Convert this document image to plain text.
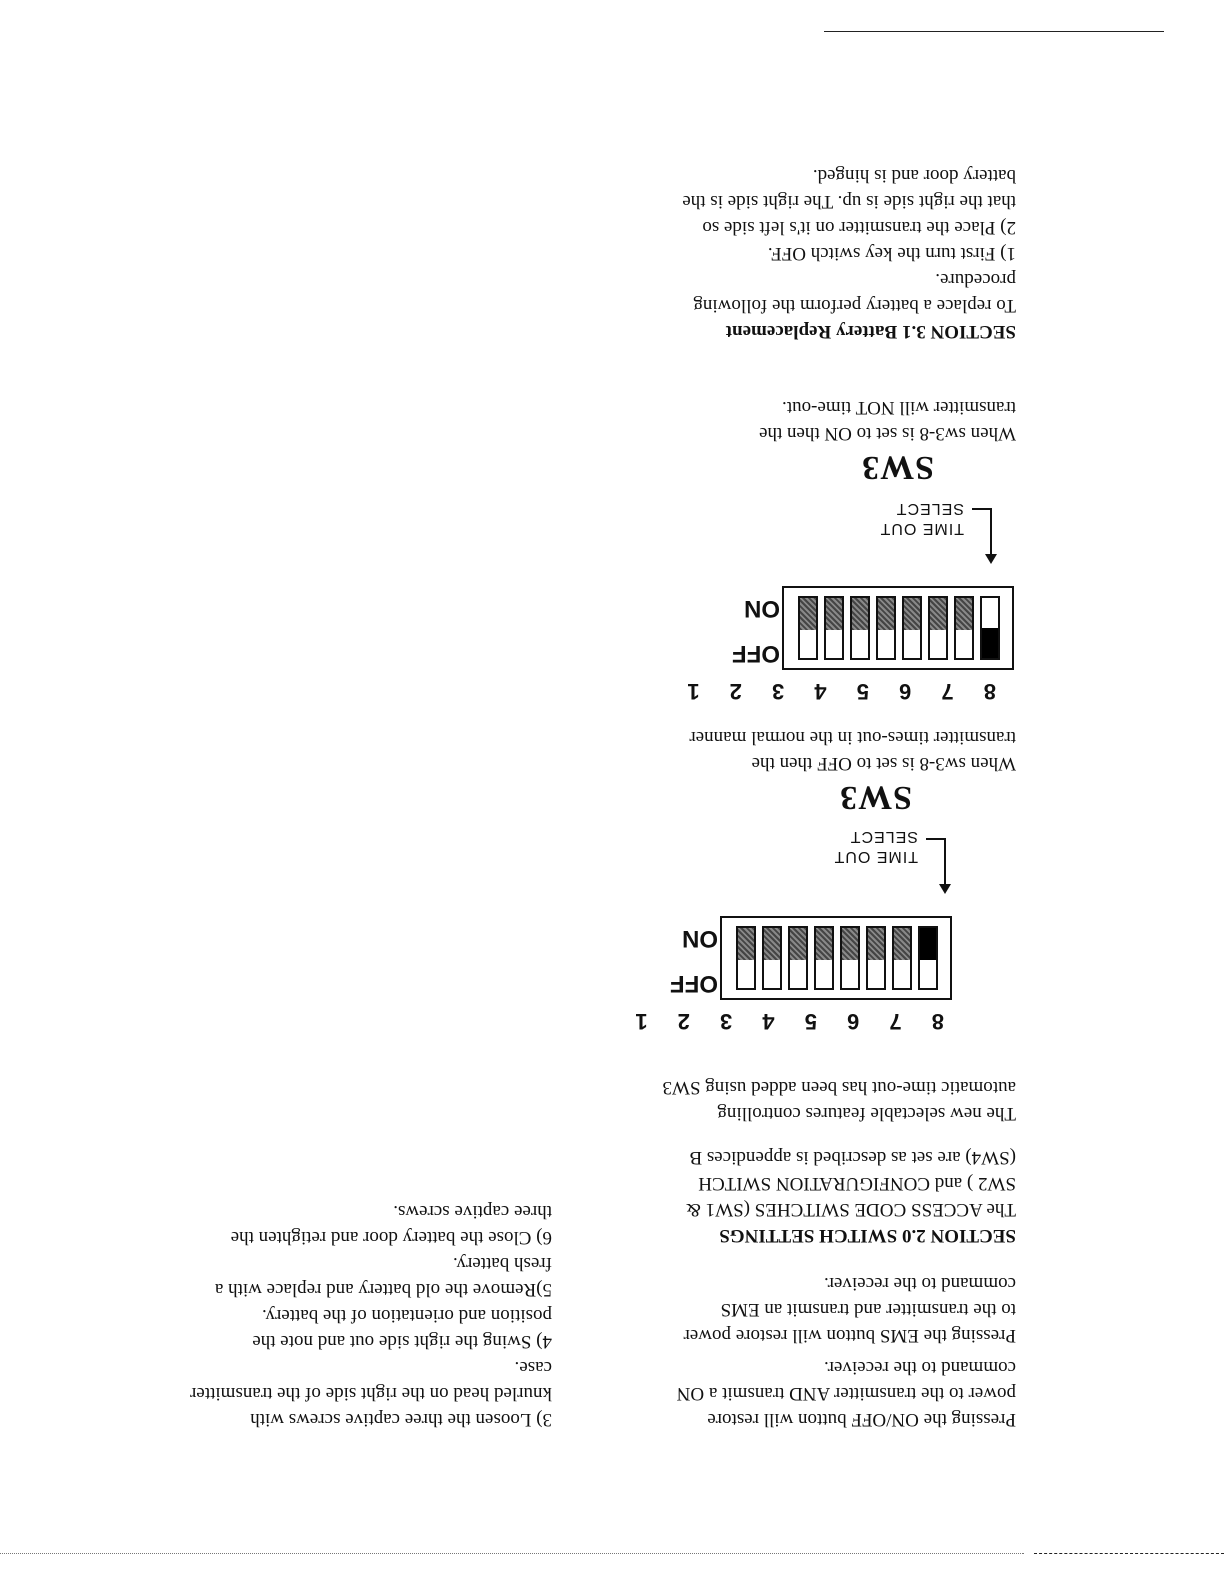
Pressing the ON/OFF button will restore

power to the transmitter AND transmit a ON

command to the receiver.

Pressing the EMS button will restore power

to the transmitter and transmit an EMS

command to the receiver.

SECTION 2.0 SWITCH SETTINGS

The ACCESS CODE SWITCHES (SW1 &

SW2 ) and CONFIGURATION SWITCH

(SW4) are set as described is appendices B

The new selectable features controlling

automatic time-out has been added using SW3

8 7 6 5 4 3 2 1
OFF
ON
TIME OUT
SELECT
SW3

When sw3-8 is set to OFF then the

transmitter times-out in the normal manner

8 7 6 5 4 3 2 1
OFF
ON
TIME OUT
SELECT
SW3

When sw3-8 is set to ON then the

transmitter will NOT time-out.

SECTION 3.1 Battery Replacement

To replace a battery perform the following

procedure.

1) First turn the key switch OFF.

2) Place the transmitter on it's left side so

that the right side is up. The right side is the

battery door and is hinged.

3) Loosen the three captive screws with

knurled head on the right side of the transmitter

case.

4) Swing the right side out and note the

position and orientation of the battery.

5)Remove the old battery and replace with a

fresh battery.

6) Close the battery door and retighten the

three captive screws.
